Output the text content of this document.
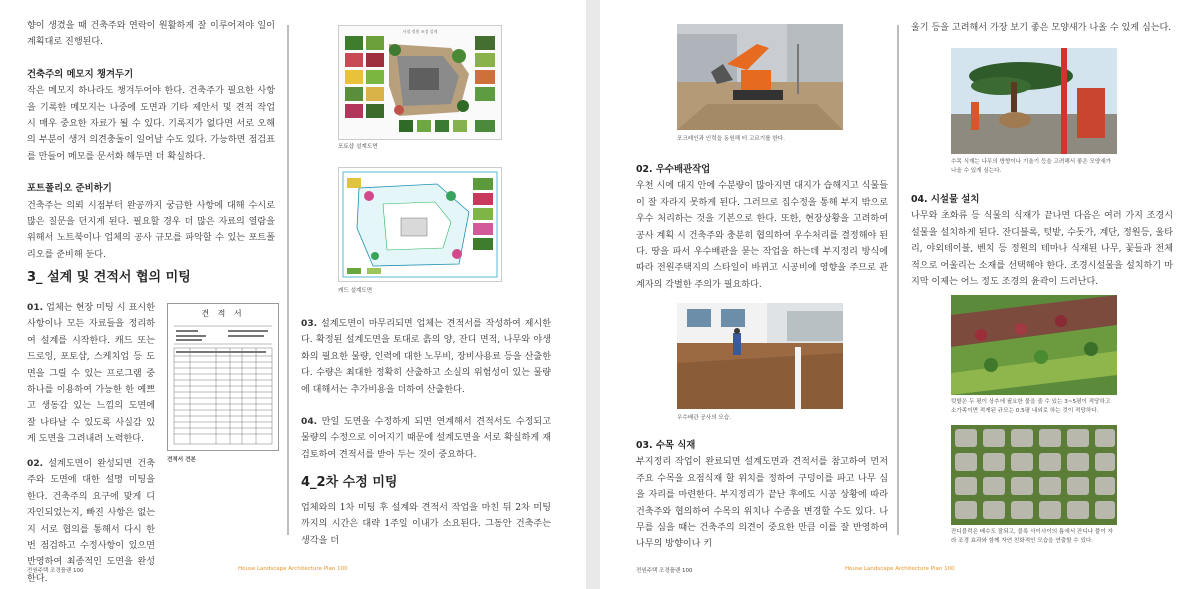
향이 생겼을 때 건축주와 연락이 원활하게 잘 이루어져야 일이 계획대로 진행된다.

건축주의 메모지 챙겨두기

작은 메모지 하나라도 챙겨두어야 한다. 건축주가 필요한 사항을 기록한 메모지는 나중에 도면과 기타 제안서 및 견적 작업 시 매우 중요한 자료가 될 수 있다. 기록지가 없다면 서로 오해의 부분이 생겨 의견충돌이 일어날 수도 있다. 가능하면 점검표를 만들어 메모를 문서화 해두면 더 확실하다.

포트폴리오 준비하기

건축주는 의뢰 시점부터 완공까지 궁금한 사항에 대해 수시로 많은 질문을 던지게 된다. 필요할 경우 더 많은 자료의 열람을 위해서 노트북이나 업체의 공사 규모를 파악할 수 있는 포트폴리오를 준비해 둔다.

3_ 설계 및 견적서 협의 미팅

01. 업체는 현장 미팅 시 표시한 사항이나 모든 자료들을 정리하여 설계를 시작한다. 캐드 또는 드로잉, 포토샵, 스케치업 등 도면을 그릴 수 있는 프로그램 중 하나를 이용하여 가능한 한 예쁘고 생동감 있는 느낌의 도면에 잘 나타날 수 있도록 사실감 있게 도면을 그려내려 노력한다.

견 적 서
견적서 견본

02. 설계도면이 완성되면 건축주와 도면에 대한 설명 미팅을 한다. 건축주의 요구에 맞게 디자인되었는지, 빠진 사항은 없는지 서로 협의를 통해서 다시 한 번 점검하고 수정사항이 있으면 반영하여 최종적인 도면을 완성한다.

사철 정원 조경 설계
포토샵 설계도면
캐드 설계도면

03. 설계도면이 마무리되면 업체는 견적서를 작성하여 제시한다. 확정된 설계도면을 토대로 흙의 양, 잔디 면적, 나무와 야생화의 필요한 물량, 인력에 대한 노무비, 장비사용료 등을 산출한다. 수량은 최대한 정확히 산출하고 소실의 위험성이 있는 물량에 대해서는 추가비용을 더하여 산출한다.

04. 만일 도면을 수정하게 되면 연계해서 견적서도 수정되고 물량의 수정으로 이어지기 때문에 설계도면을 서로 확실하게 재검토하여 견적서를 받아 두는 것이 중요하다.

4_2차 수정 미팅

업체와의 1차 미팅 후 설계와 견적서 작업을 마친 뒤 2차 미팅까지의 시간은 대략 1주일 이내가 소요된다. 그동안 건축주는 생각을 더

전원주택 조경플랜 100	House Landscape Architecture Plan 100
포크레인과 인력을 동원해 터 고르기를 한다.

02. 우수배관작업

우천 시에 대지 안에 수분량이 많아지면 대지가 습해지고 식물들이 잘 자라지 못하게 된다. 그러므로 집수정을 통해 부지 밖으로 우수 처리하는 것을 기본으로 한다. 또한, 현장상황을 고려하여 공사 계획 시 건축주와 충분히 협의하여 우수처리를 결정해야 된다. 땅을 파서 우수배관을 묻는 작업을 하는데 부지정리 방식에 따라 전원주택지의 스타일이 바뀌고 시공비에 영향을 주므로 관계자의 각별한 주의가 필요하다.

우수배관 공사의 모습.

03. 수목 식재

부지정리 작업이 완료되면 설계도면과 견적서를 참고하여 먼저 주요 수목을 요점식재 할 위치를 정하여 구덩이를 파고 나무 심을 자리를 마련한다. 부지정리가 끝난 후에도 시공 상황에 따라 건축주와 협의하여 수목의 위치나 수종을 변경할 수도 있다. 나무를 심을 때는 건축주의 의견이 중요한 만큼 이를 잘 반영하여 나무의 방향이나 키

울기 등을 고려해서 가장 보기 좋은 모양새가 나올 수 있게 심는다.

수목 식재는 나무의 방향이나 기울기 등을 고려해서 좋은 모양새가 나올 수 있게 심는다.

04. 시설물 설치

나무와 초화류 등 식물의 식재가 끝나면 다음은 여러 가지 조경시설물을 설치하게 된다. 잔디블록, 텃밭, 수돗가, 계단, 정원등, 울타리, 야외테이블, 벤치 등 정원의 테마나 식재된 나무, 꽃들과 전체적으로 어울리는 소재를 선택해야 한다. 조경시설물을 설치하기 마지막 이제는 어느 정도 조경의 윤곽이 드러난다.

텃밭은 두 평이 상추에 필요한 물을 줄 수 있는 3~5평이 적당하고 소가족이면 적게된 규모는 0.5평 내외로 하는 것이 적당하다.
잔디블럭은 배수도 잘되고, 블록 사이사이의 틈에서 잔디나 풀이 자라 조경 효과와 함께 자연 친화적인 모습을 연출할 수 있다.
전원주택 조경플랜 100	House Landscape Architecture Plan 100
